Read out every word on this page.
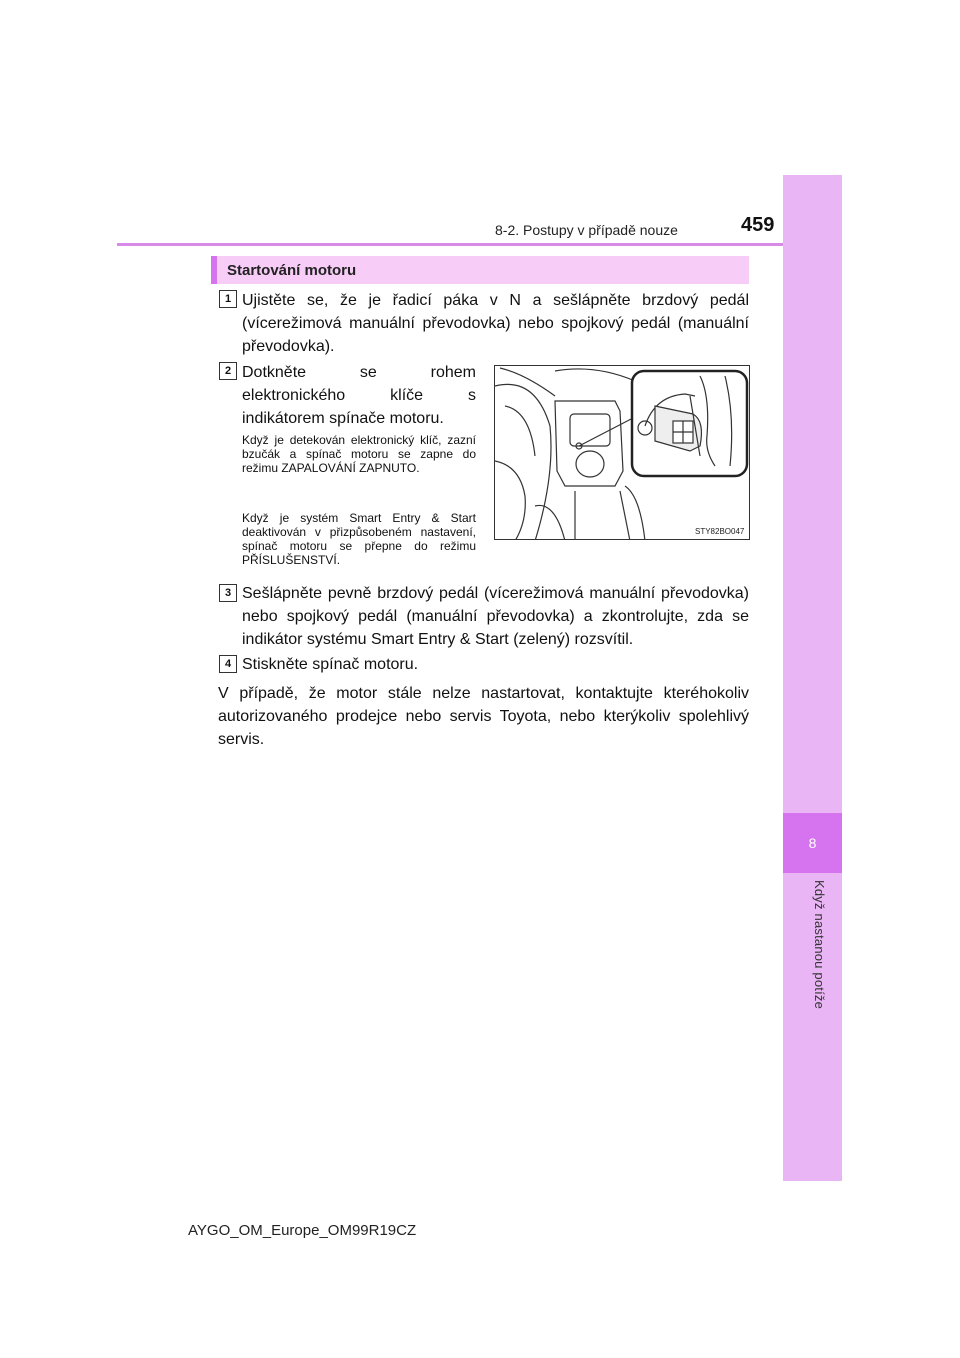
8
Když nastanou potíže
8-2. Postupy v případě nouze	459
Startování motoru
1 Ujistěte se, že je řadicí páka v N a sešlápněte brzdový pedál (vícerežimová manuální převodovka) nebo spojkový pedál (manuální převodovka).
2 Dotkněte se rohem elektronického klíče s indikátorem spínače motoru.
Když je detekován elektronický klíč, zazní bzučák a spínač motoru se zapne do režimu ZAPALOVÁNÍ ZAPNUTO.
Když je systém Smart Entry & Start deaktivován v přizpůsobeném nastavení, spínač motoru se přepne do režimu PŘÍSLUŠENSTVÍ.
STY82BO047
3 Sešlápněte pevně brzdový pedál (vícerežimová manuální převodovka) nebo spojkový pedál (manuální převodovka) a zkontrolujte, zda se indikátor systému Smart Entry & Start (zelený) rozsvítil.
4 Stiskněte spínač motoru.
V případě, že motor stále nelze nastartovat, kontaktujte kteréhokoliv autorizovaného prodejce nebo servis Toyota, nebo kterýkoliv spolehlivý servis.
AYGO_OM_Europe_OM99R19CZ
